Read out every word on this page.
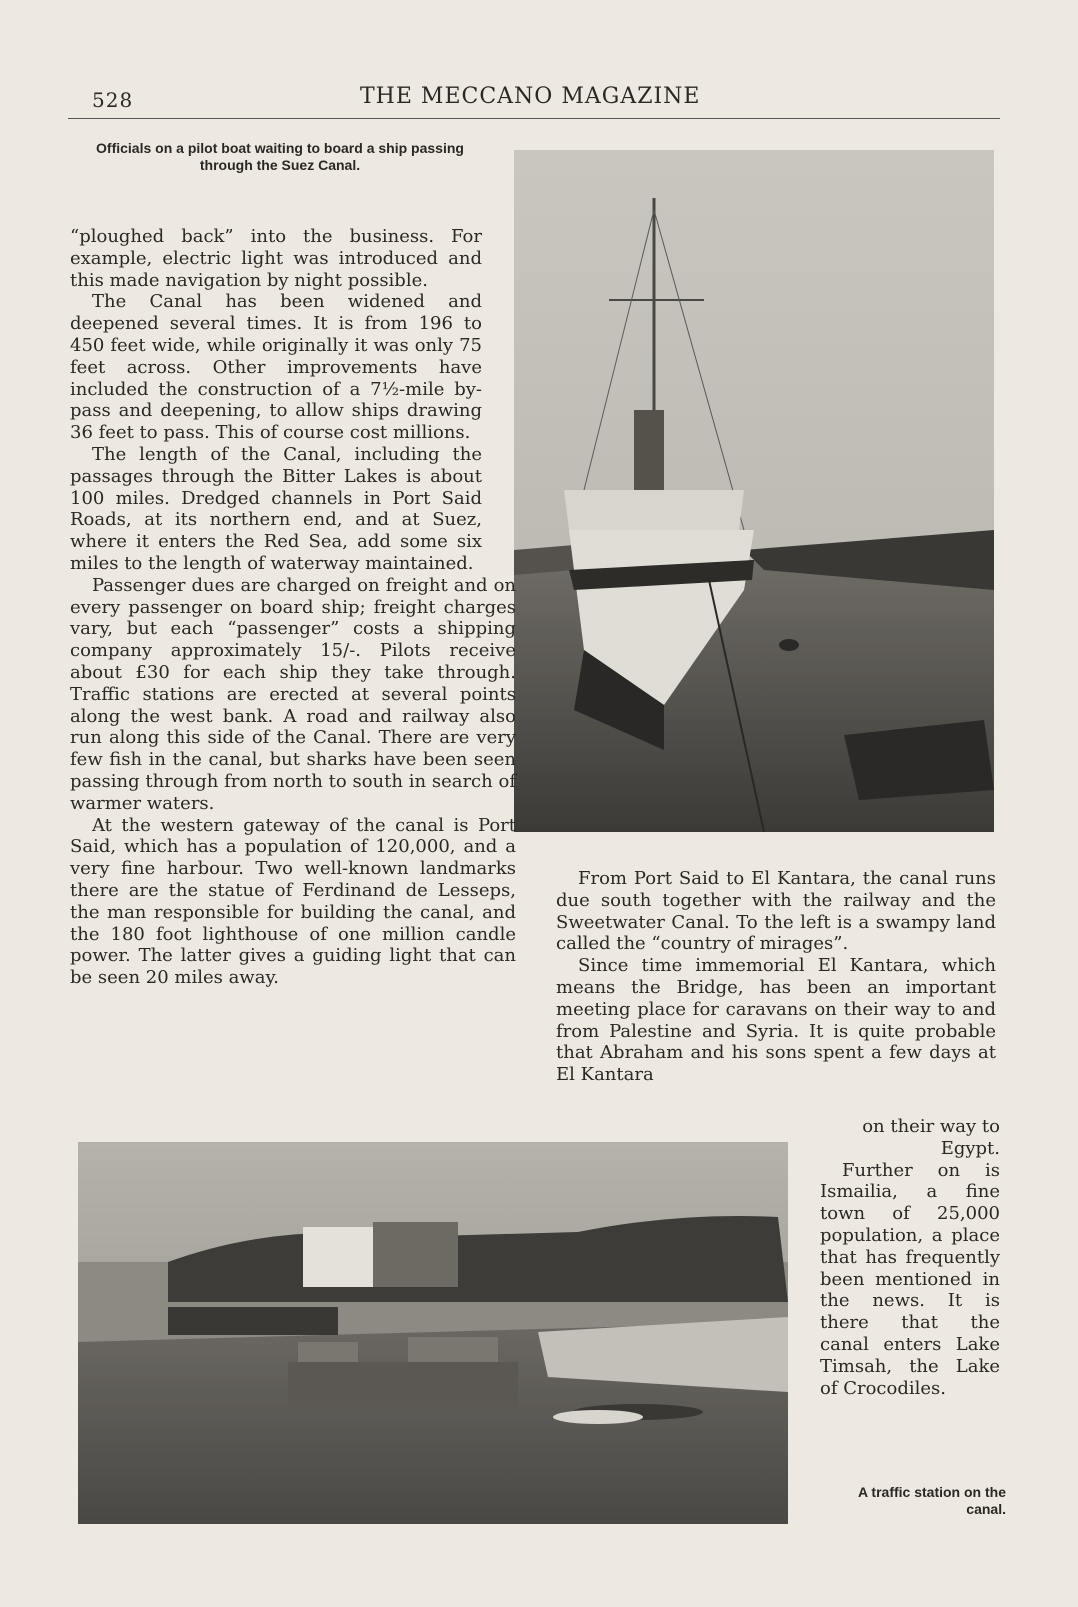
528	THE MECCANO MAGAZINE
Officials on a pilot boat waiting to board a ship passing through the Suez Canal.

“ploughed back” into the business. For example, electric light was introduced and this made navigation by night possible.

The Canal has been widened and deepened several times. It is from 196 to 450 feet wide, while originally it was only 75 feet across. Other improvements have included the construction of a 7½-mile by-pass and deepening, to allow ships drawing 36 feet to pass. This of course cost millions.

The length of the Canal, including the passages through the Bitter Lakes is about 100 miles. Dredged channels in Port Said Roads, at its northern end, and at Suez, where it enters the Red Sea, add some six miles to the length of waterway maintained.

Passenger dues are charged on freight and on every passenger on board ship; freight charges vary, but each “passenger” costs a shipping company approximately 15/-. Pilots receive about £30 for each ship they take through. Traffic stations are erected at several points along the west bank. A road and railway also run along this side of the Canal. There are very few fish in the canal, but sharks have been seen passing through from north to south in search of warmer waters.

At the western gateway of the canal is Port Said, which has a population of 120,000, and a very fine harbour. Two well-known landmarks there are the statue of Ferdinand de Lesseps, the man responsible for building the canal, and the 180 foot lighthouse of one million candle power. The latter gives a guiding light that can be seen 20 miles away.

From Port Said to El Kantara, the canal runs due south together with the railway and the Sweetwater Canal. To the left is a swampy land called the “country of mirages”.

Since time immemorial El Kantara, which means the Bridge, has been an important meeting place for caravans on their way to and from Palestine and Syria. It is quite probable that Abraham and his sons spent a few days at El Kantara

on their way to Egypt.

Further on is Ismailia, a fine town of 25,000 population, a place that has frequently been mentioned in the news. It is there that the canal enters Lake Timsah, the Lake of Crocodiles.

A traffic station on the canal.
